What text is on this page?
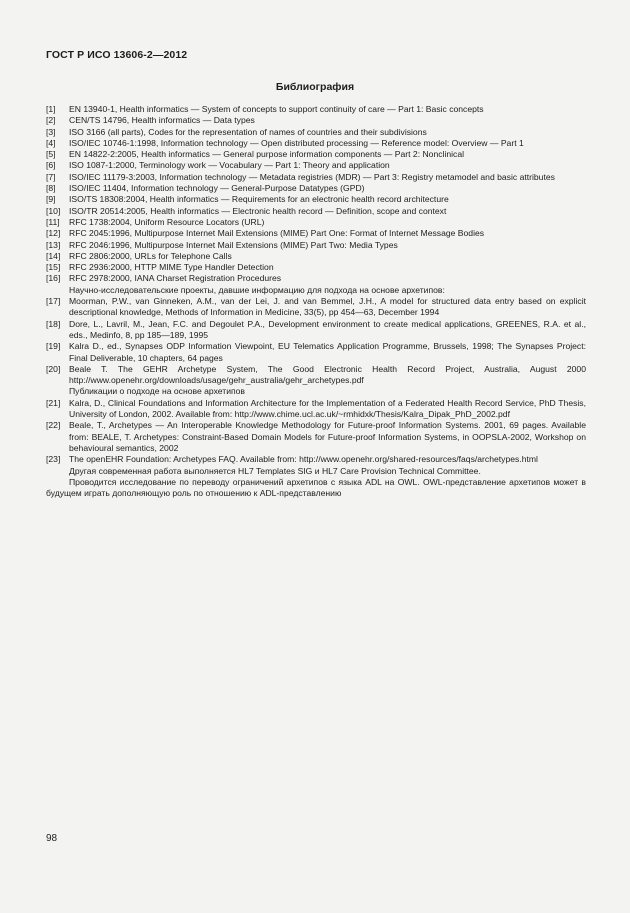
ГОСТ Р ИСО 13606-2—2012
Библиография
[1]	EN 13940-1, Health informatics — System of concepts to support continuity of care — Part 1: Basic concepts
[2]	CEN/TS 14796, Health informatics — Data types
[3]	ISO 3166 (all parts), Codes for the representation of names of countries and their subdivisions
[4]	ISO/IEC 10746-1:1998, Information technology — Open distributed processing — Reference model: Overview — Part 1
[5]	EN 14822-2:2005, Health informatics — General purpose information components — Part 2: Nonclinical
[6]	ISO 1087-1:2000, Terminology work — Vocabulary — Part 1: Theory and application
[7]	ISO/IEC 11179-3:2003, Information technology — Metadata registries (MDR) — Part 3: Registry metamodel and basic attributes
[8]	ISO/IEC 11404, Information technology — General-Purpose Datatypes (GPD)
[9]	ISO/TS 18308:2004, Health informatics — Requirements for an electronic health record architecture
[10]	ISO/TR 20514:2005, Health informatics — Electronic health record — Definition, scope and context
[11]	RFC 1738:2004, Uniform Resource Locators (URL)
[12]	RFC 2045:1996, Multipurpose Internet Mail Extensions (MIME) Part One: Format of Internet Message Bodies
[13]	RFC 2046:1996, Multipurpose Internet Mail Extensions (MIME) Part Two: Media Types
[14]	RFC 2806:2000, URLs for Telephone Calls
[15]	RFC 2936:2000, HTTP MIME Type Handler Detection
[16]	RFC 2978:2000, IANA Charset Registration Procedures
Научно-исследовательские проекты, давшие информацию для подхода на основе архетипов:
[17]	Moorman, P.W., van Ginneken, A.M., van der Lei, J. and van Bemmel, J.H., A model for structured data entry based on explicit descriptional knowledge, Methods of Information in Medicine, 33(5), pp 454—63, December 1994
[18]	Dore, L., Lavril, M., Jean, F.C. and Degoulet P.A., Development environment to create medical applications, GREENES, R.A. et al., eds., Medinfo, 8, pp 185—189, 1995
[19]	Kalra D., ed., Synapses ODP Information Viewpoint, EU Telematics Application Programme, Brussels, 1998; The Synapses Project: Final Deliverable, 10 chapters, 64 pages
[20]	Beale T. The GEHR Archetype System, The Good Electronic Health Record Project, Australia, August 2000 http://www.openehr.org/downloads/usage/gehr_australia/gehr_archetypes.pdf
Публикации о подходе на основе архетипов
[21]	Kalra, D., Clinical Foundations and Information Architecture for the Implementation of a Federated Health Record Service, PhD Thesis, University of London, 2002. Available from: http://www.chime.ucl.ac.uk/~rmhidxk/Thesis/Kalra_Dipak_PhD_2002.pdf
[22]	Beale, T., Archetypes — An Interoperable Knowledge Methodology for Future-proof Information Systems. 2001, 69 pages. Available from: BEALE, T. Archetypes: Constraint-Based Domain Models for Future-proof Information Systems, in OOPSLA-2002, Workshop on behavioural semantics, 2002
[23]	The openEHR Foundation: Archetypes FAQ. Available from: http://www.openehr.org/shared-resources/faqs/archetypes.html
Другая современная работа выполняется HL7 Templates SIG и HL7 Care Provision Technical Committee.
Проводится исследование по переводу ограничений архетипов с языка ADL на OWL. OWL-представление архетипов может в будущем играть дополняющую роль по отношению к ADL-представлению
98
